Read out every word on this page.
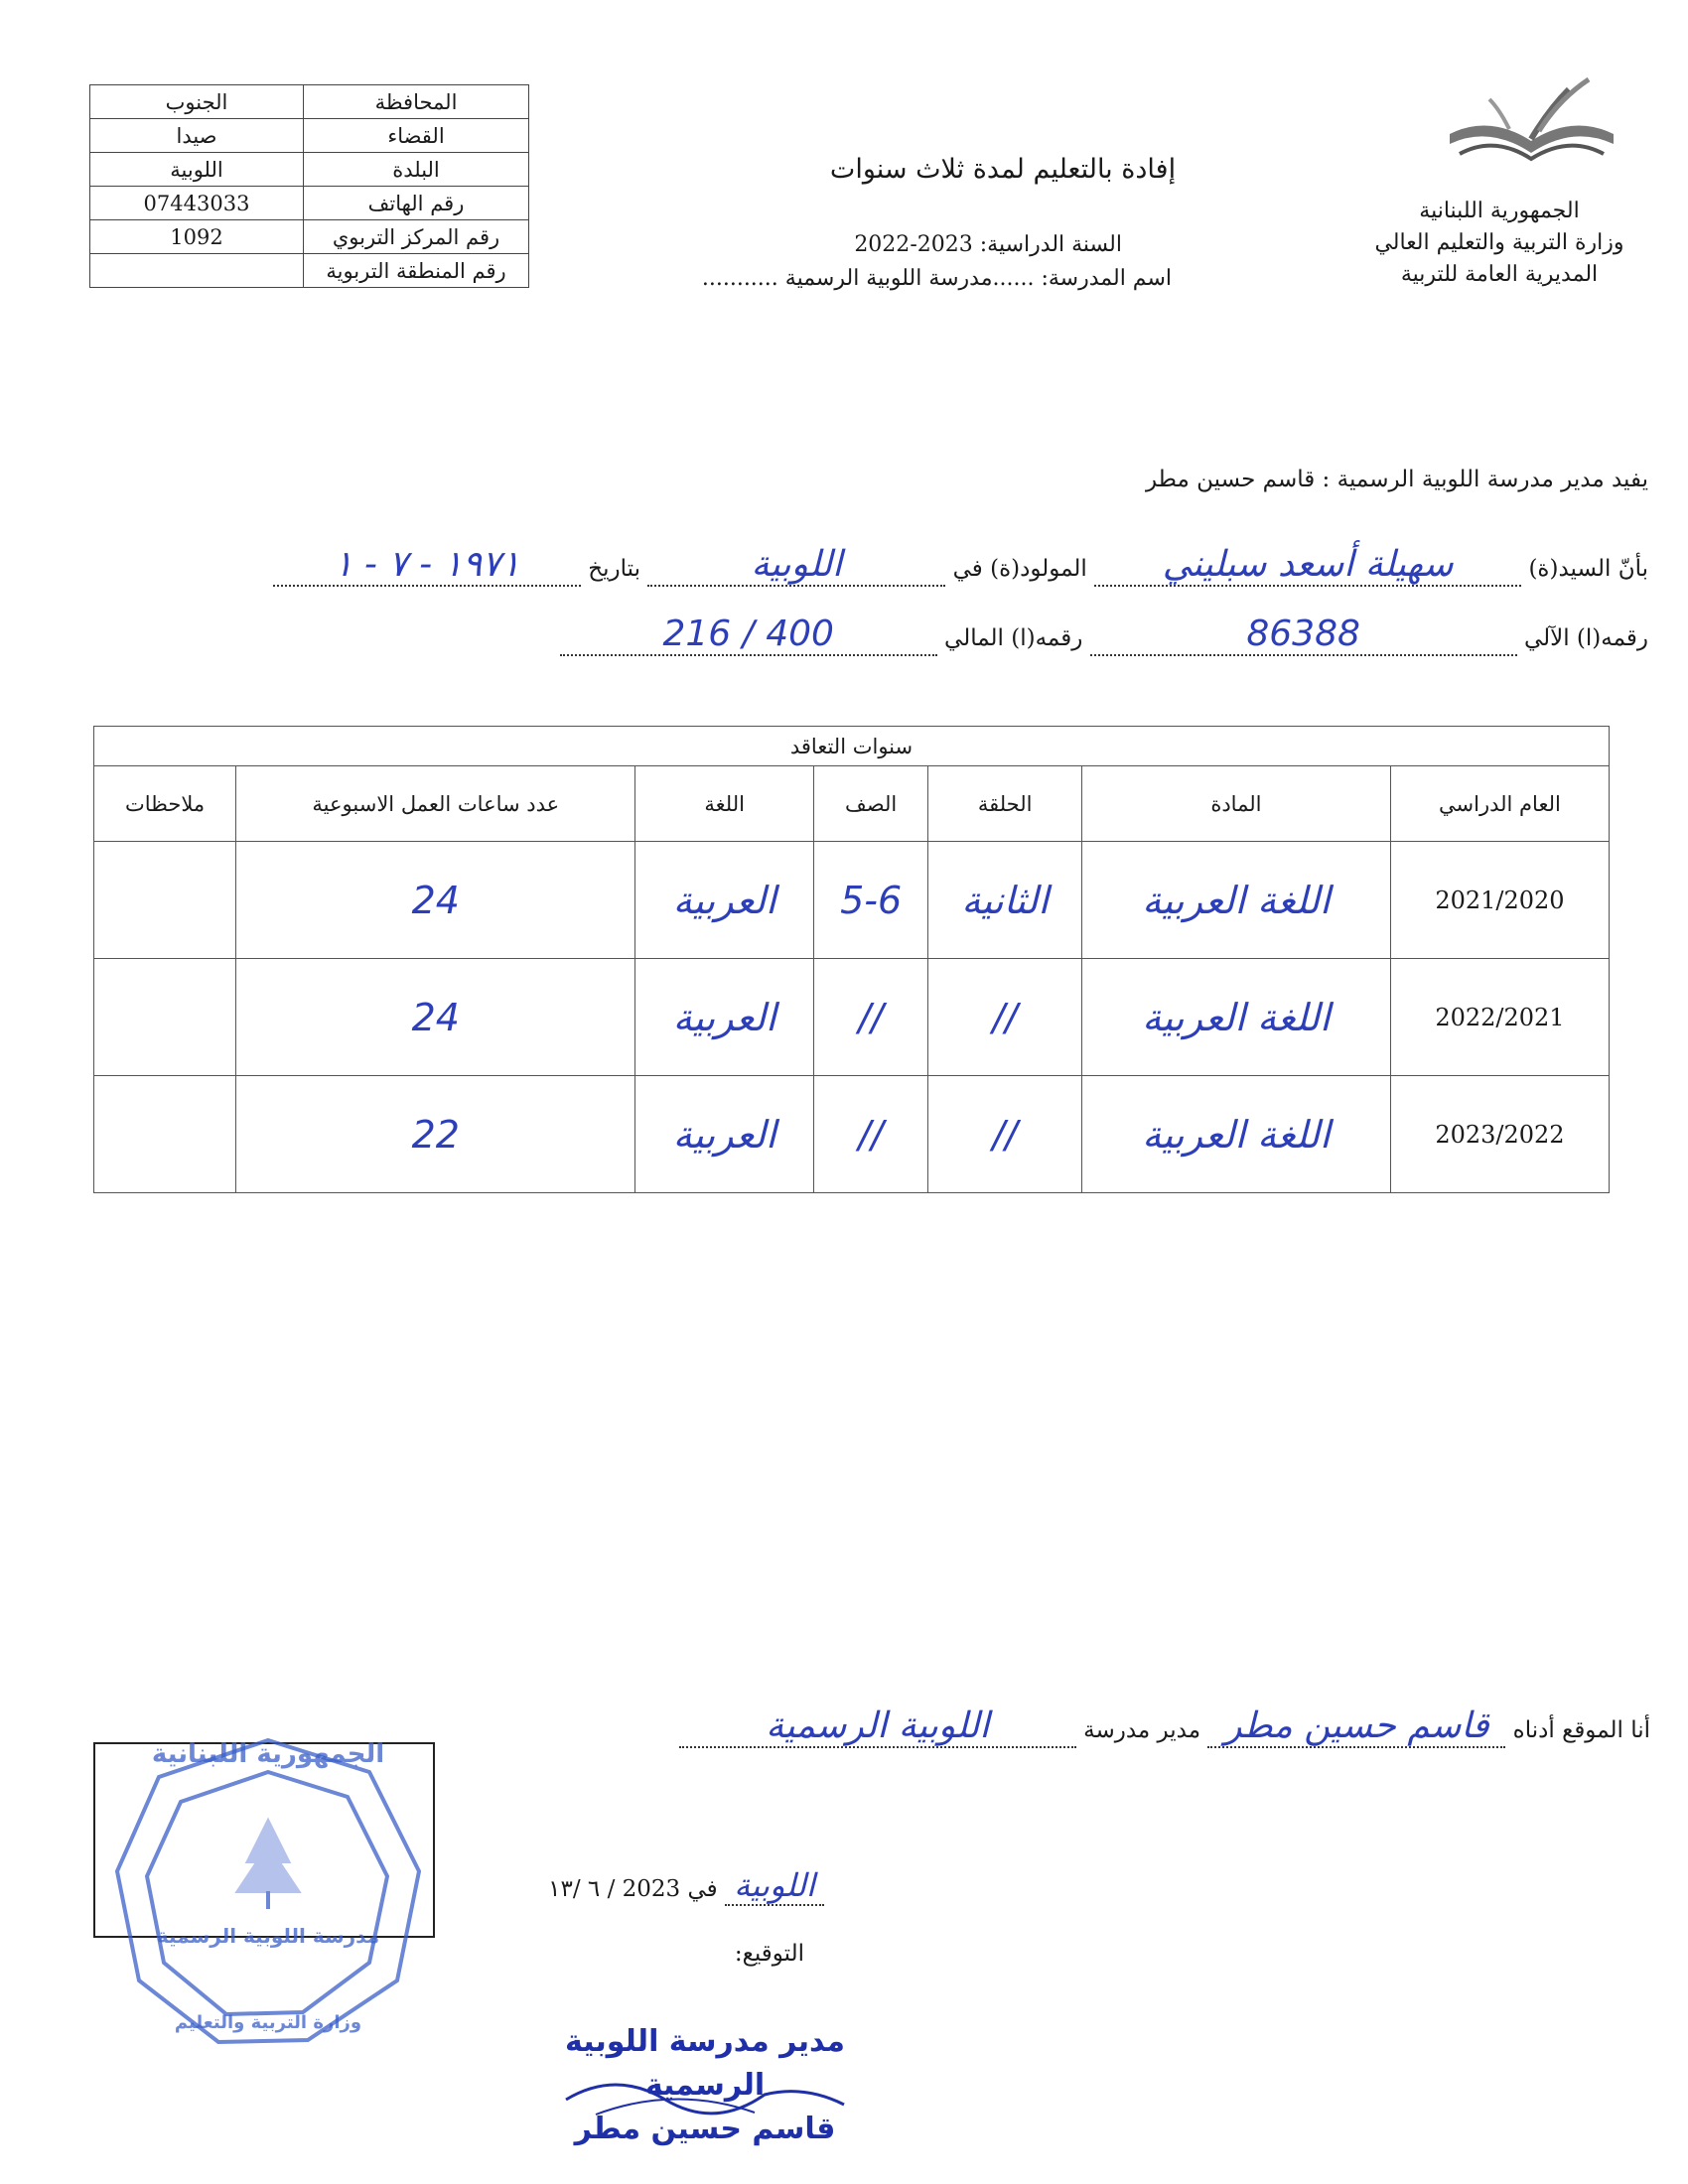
المحافظة	الجنوب
القضاء	صيدا
البلدة	اللوبية
رقم الهاتف	07443033
رقم المركز التربوي	1092
رقم المنطقة التربوية	
الجمهورية اللبنانية
وزارة التربية والتعليم العالي
المديرية العامة للتربية
إفادة بالتعليم لمدة ثلاث سنوات
السنة الدراسية: 2023-2022
اسم المدرسة: ......مدرسة اللوبية الرسمية ...........
يفيد مدير مدرسة اللوبية الرسمية : قاسم حسين مطر
بأنّ السيد(ة) سهيلة أسعد سبليني المولود(ة) في اللوبية بتاريخ ١٩٧١ - ٧ - ١
رقمه(ا) الآلي 86388 رقمه(ا) المالي 400 / 216
سنوات التعاقد						
العام الدراسي	المادة	الحلقة	الصف	اللغة	عدد ساعات العمل الاسبوعية	ملاحظات
2021/2020	اللغة العربية	الثانية	5-6	العربية	24	
2022/2021	اللغة العربية	//	//	العربية	24	
2023/2022	اللغة العربية	//	//	العربية	22	
أنا الموقع أدناه قاسم حسين مطر مدير مدرسة اللوبية الرسمية
اللوبية في 2023 / ٦ /١٣
التوقيع:
الجمهورية اللبنانية
مدرسة اللوبية الرسمية
وزارة التربية والتعليم
مدير مدرسة اللوبية الرسمية
قاسم حسين مطر
